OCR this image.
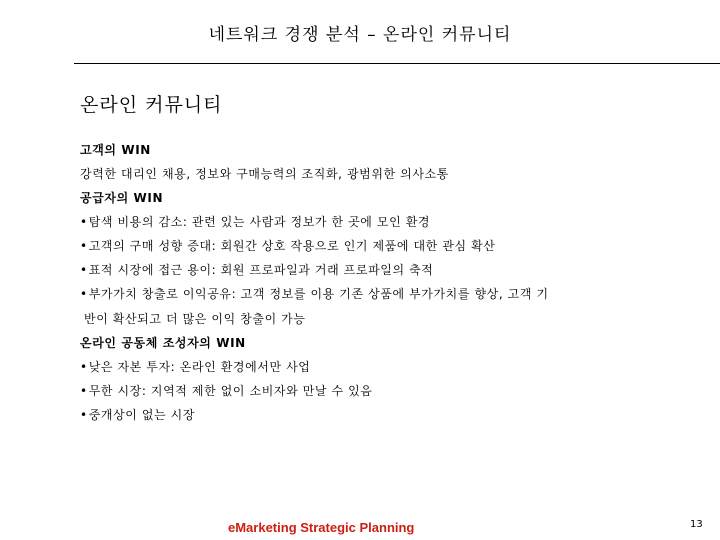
네트워크 경쟁 분석 – 온라인 커뮤니티
온라인 커뮤니티
고객의 WIN
강력한 대리인 채용, 정보와 구매능력의 조직화, 광범위한 의사소통
공급자의 WIN
• 탐색 비용의 감소: 관련 있는 사람과 정보가 한 곳에 모인 환경
• 고객의 구매 성향 증대: 회원간 상호 작용으로 인기 제품에 대한 관심 확산
• 표적 시장에 접근 용이: 회원 프로파일과 거래 프로파일의 축적
• 부가가치 창출로 이익공유: 고객 정보를 이용 기존 상품에 부가가치를 향상, 고객 기
반이 확산되고 더 많은 이익 창출이 가능
온라인 공동체 조성자의 WIN
• 낮은 자본 투자: 온라인 환경에서만 사업
• 무한 시장: 지역적 제한 없이 소비자와 만날 수 있음
• 중개상이 없는 시장
eMarketing Strategic Planning	13
